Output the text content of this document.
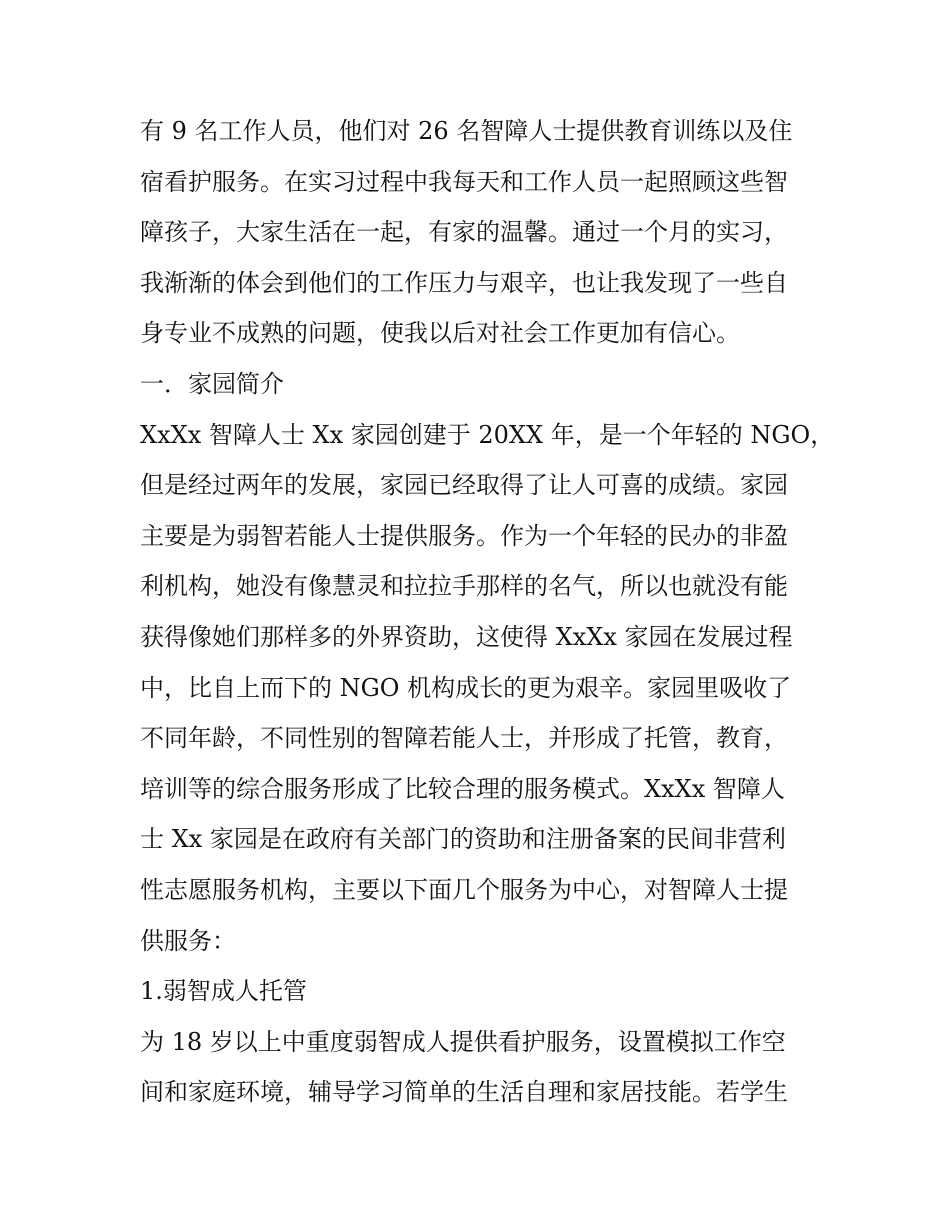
有 9 名工作人员，他们对 26 名智障人士提供教育训练以及住
宿看护服务。在实习过程中我每天和工作人员一起照顾这些智
障孩子，大家生活在一起，有家的温馨。通过一个月的实习，
我渐渐的体会到他们的工作压力与艰辛，也让我发现了一些自
身专业不成熟的问题，使我以后对社会工作更加有信心。
一．家园简介
XxXx 智障人士 Xx 家园创建于 20XX 年，是一个年轻的 NGO，
但是经过两年的发展，家园已经取得了让人可喜的成绩。家园
主要是为弱智若能人士提供服务。作为一个年轻的民办的非盈
利机构，她没有像慧灵和拉拉手那样的名气，所以也就没有能
获得像她们那样多的外界资助，这使得 XxXx 家园在发展过程
中，比自上而下的 NGO 机构成长的更为艰辛。家园里吸收了
不同年龄，不同性别的智障若能人士，并形成了托管，教育，
培训等的综合服务形成了比较合理的服务模式。XxXx 智障人
士 Xx 家园是在政府有关部门的资助和注册备案的民间非营利
性志愿服务机构，主要以下面几个服务为中心，对智障人士提
供服务：
1.弱智成人托管
为 18 岁以上中重度弱智成人提供看护服务，设置模拟工作空
间和家庭环境，辅导学习简单的生活自理和家居技能。若学生
